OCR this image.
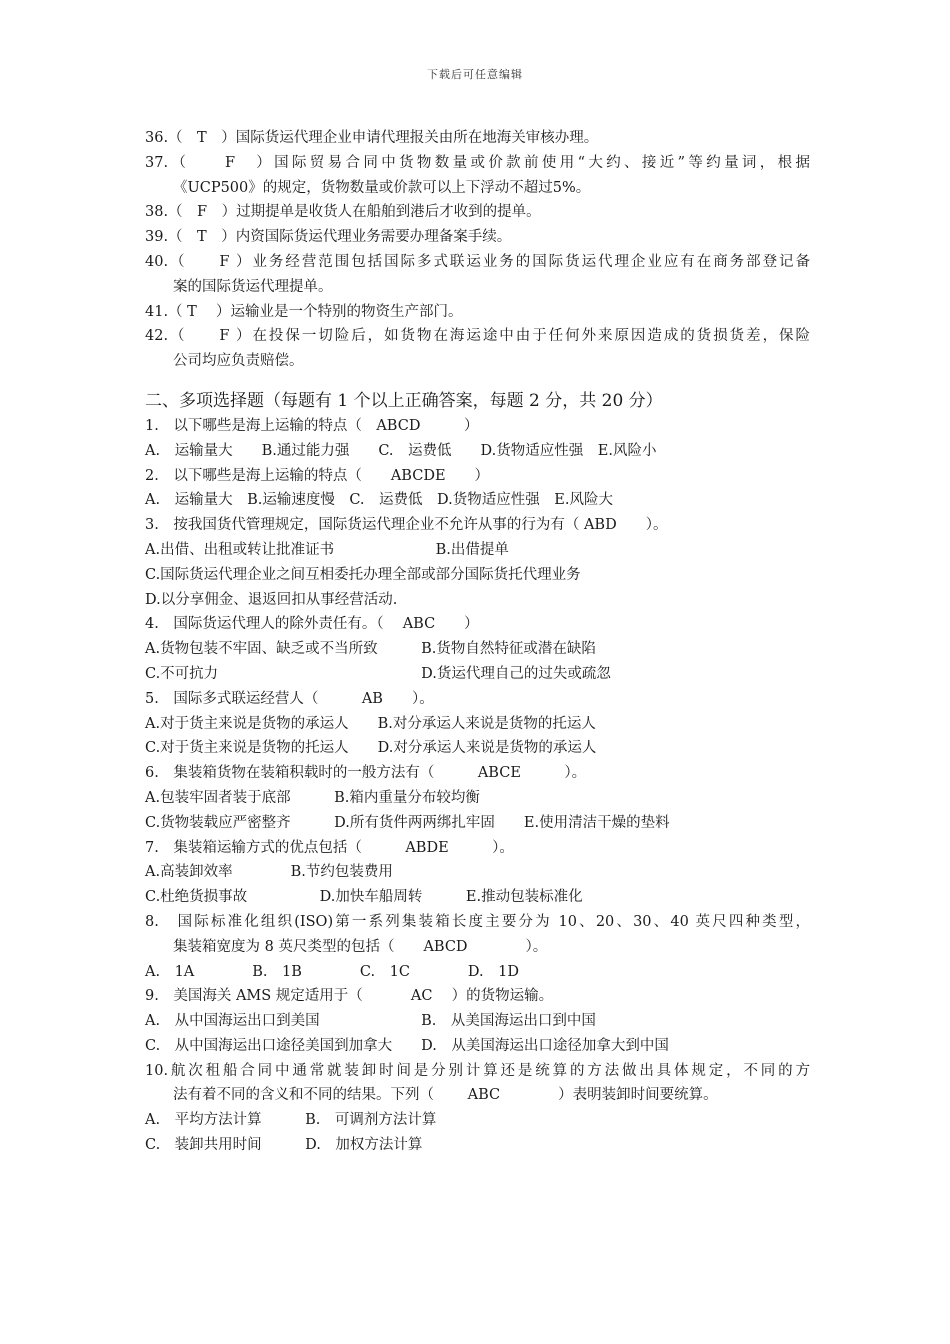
下载后可任意编辑
36.（　T　）国际货运代理企业申请代理报关由所在地海关审核办理。
37.（　　F　）国际贸易合同中货物数量或价款前使用“大约、接近”等约量词，根据
《UCP500》的规定，货物数量或价款可以上下浮动不超过5%。
38.（　F　）过期提单是收货人在船舶到港后才收到的提单。
39.（　T　）内资国际货运代理业务需要办理备案手续。
40.（　　F ）业务经营范围包括国际多式联运业务的国际货运代理企业应有在商务部登记备
案的国际货运代理提单。
41.（ T　 ）运输业是一个特别的物资生产部门。
42.（　　F ）在投保一切险后，如货物在海运途中由于任何外来原因造成的货损货差，保险
公司均应负责赔偿。
二、多项选择题（每题有 1 个以上正确答案，每题 2 分，共 20 分）
1.　以下哪些是海上运输的特点（　ABCD　　　）
A.　运输量大　　B.通过能力强　　C.　运费低　　D.货物适应性强　E.风险小
2.　以下哪些是海上运输的特点（　　ABCDE　　）
A.　运输量大　B.运输速度慢　C.　运费低　D.货物适应性强　E.风险大
3.　按我国货代管理规定，国际货运代理企业不允许从事的行为有（ ABD　　）。
A.出借、出租或转让批准证书　　　　　　　B.出借提单
C.国际货运代理企业之间互相委托办理全部或部分国际货托代理业务
D.以分享佣金、退返回扣从事经营活动.
4.　国际货运代理人的除外责任有。（　 ABC　　）
A.货物包装不牢固、缺乏或不当所致　　　B.货物自然特征或潜在缺陷
C.不可抗力　　　　　　　　　　　　　　D.货运代理自己的过失或疏忽
5.　国际多式联运经营人（　　　AB　　）。
A.对于货主来说是货物的承运人　　B.对分承运人来说是货物的托运人
C.对于货主来说是货物的托运人　　D.对分承运人来说是货物的承运人
6.　集装箱货物在装箱积载时的一般方法有（　　　ABCE　　　）。
A.包装牢固者装于底部　　　B.箱内重量分布较均衡
C.货物装载应严密整齐　　　D.所有货件两两绑扎牢固　　E.使用清洁干燥的垫料
7.　集装箱运输方式的优点包括（　　　ABDE　　　）。
A.高装卸效率　　　　B.节约包装费用
C.杜绝货损事故　　　　　D.加快车船周转　　　E.推动包装标准化
8.　国际标准化组织(ISO)第一系列集装箱长度主要分为 10、20、30、40 英尺四种类型，
集装箱宽度为 8 英尺类型的包括（　　ABCD　　　　）。
A.　1A　　　　B.　1B　　　　C.　1C　　　　D.　1D
9.　美国海关 AMS 规定适用于（　　　 AC　 ）的货物运输。
A.　从中国海运出口到美国　　　　　　　B.　从美国海运出口到中国
C.　从中国海运出口途径美国到加拿大　　D.　从美国海运出口途径加拿大到中国
10.航次租船合同中通常就装卸时间是分别计算还是统算的方法做出具体规定，不同的方
法有着不同的含义和不同的结果。下列（　　 ABC　　　　）表明装卸时间要统算。
A.　平均方法计算　　　B.　可调剂方法计算
C.　装卸共用时间　　　D.　加权方法计算
